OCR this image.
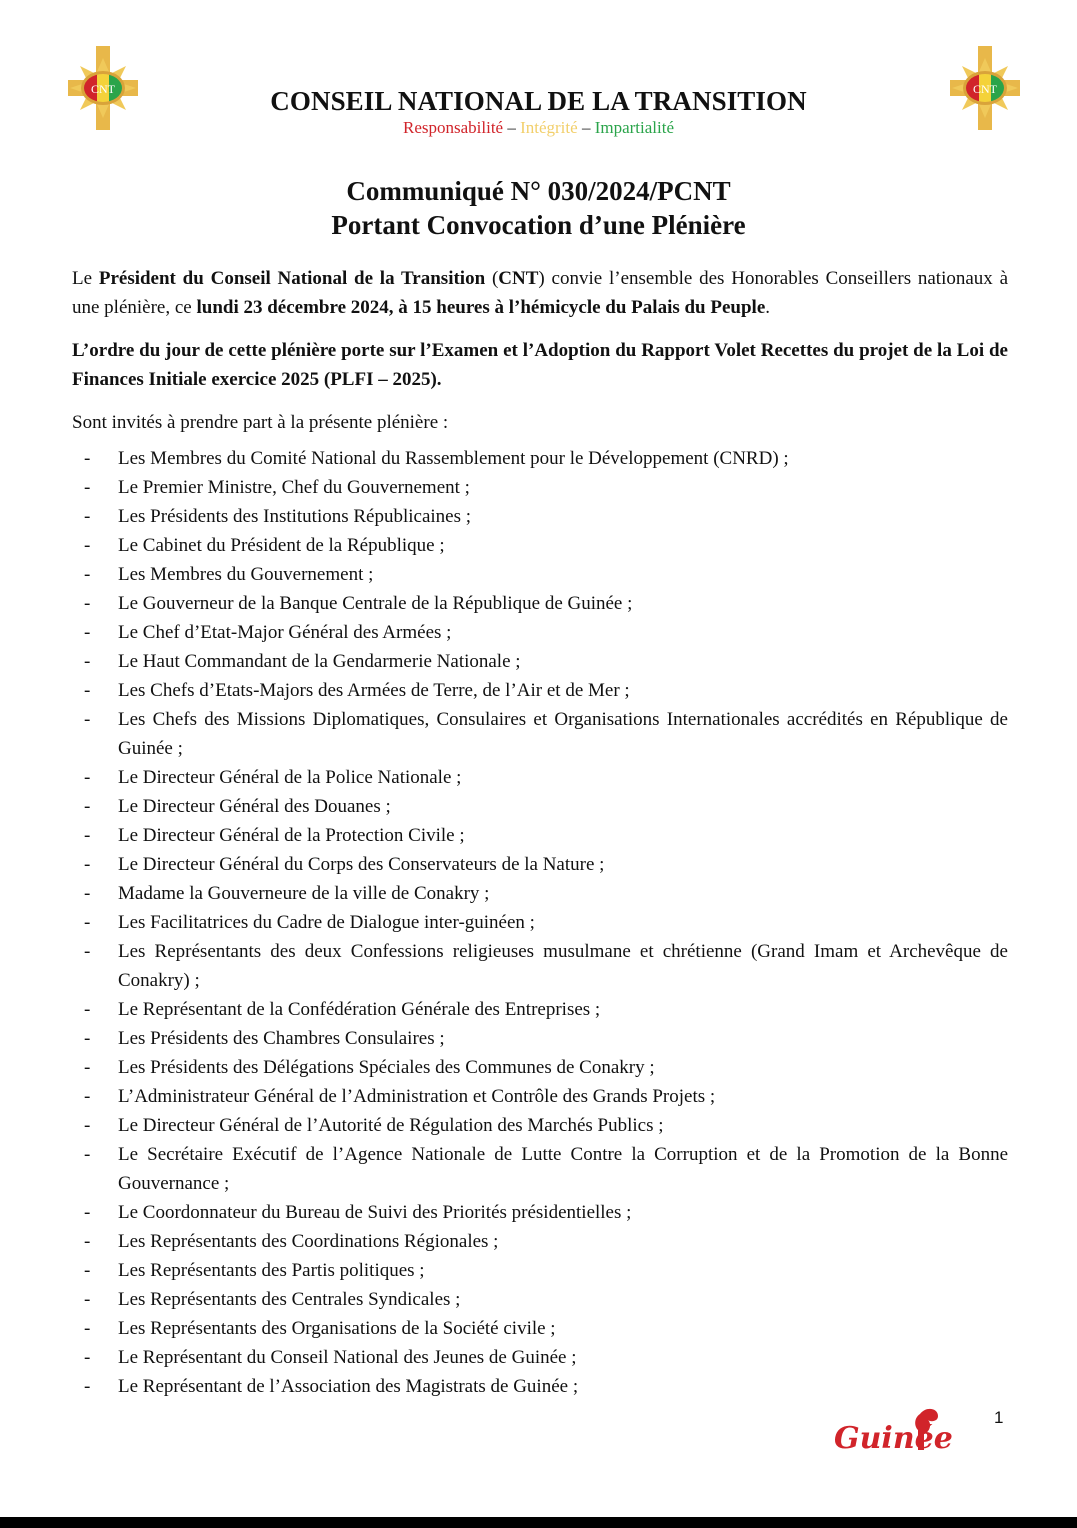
CNT	CNT
CONSEIL NATIONAL DE LA TRANSITION
Responsabilité – Intégrité – Impartialité
Communiqué N° 030/2024/PCNT
Portant Convocation d’une Plénière
Le Président du Conseil National de la Transition (CNT) convie l’ensemble des Honorables Conseillers nationaux à une plénière, ce lundi 23 décembre 2024, à 15 heures à l’hémicycle du Palais du Peuple.
L’ordre du jour de cette plénière porte sur l’Examen et l’Adoption du Rapport Volet Recettes du projet de la Loi de Finances Initiale exercice 2025 (PLFI – 2025).
Sont invités à prendre part à la présente plénière :
- Les Membres du Comité National du Rassemblement pour le Développement (CNRD) ;
- Le Premier Ministre, Chef du Gouvernement ;
- Les Présidents des Institutions Républicaines ;
- Le Cabinet du Président de la République ;
- Les Membres du Gouvernement ;
- Le Gouverneur de la Banque Centrale de la République de Guinée ;
- Le Chef d’Etat-Major Général des Armées ;
- Le Haut Commandant de la Gendarmerie Nationale ;
- Les Chefs d’Etats-Majors des Armées de Terre, de l’Air et de Mer ;
- Les Chefs des Missions Diplomatiques, Consulaires et Organisations Internationales accrédités en République de Guinée ;
- Le Directeur Général de la Police Nationale ;
- Le Directeur Général des Douanes ;
- Le Directeur Général de la Protection Civile ;
- Le Directeur Général du Corps des Conservateurs de la Nature ;
- Madame la Gouverneure de la ville de Conakry ;
- Les Facilitatrices du Cadre de Dialogue inter-guinéen ;
- Les Représentants des deux Confessions religieuses musulmane et chrétienne (Grand Imam et Archevêque de Conakry) ;
- Le Représentant de la Confédération Générale des Entreprises ;
- Les Présidents des Chambres Consulaires ;
- Les Présidents des Délégations Spéciales des Communes de Conakry ;
- L’Administrateur Général de l’Administration et Contrôle des Grands Projets ;
- Le Directeur Général de l’Autorité de Régulation des Marchés Publics ;
- Le Secrétaire Exécutif de l’Agence Nationale de Lutte Contre la Corruption et de la Promotion de la Bonne Gouvernance ;
- Le Coordonnateur du Bureau de Suivi des Priorités présidentielles ;
- Les Représentants des Coordinations Régionales ;
- Les Représentants des Partis politiques ;
- Les Représentants des Centrales Syndicales ;
- Les Représentants des Organisations de la Société civile ;
- Le Représentant du Conseil National des Jeunes de Guinée ;
- Le Représentant de l’Association des Magistrats de Guinée ;
Guinée
1
